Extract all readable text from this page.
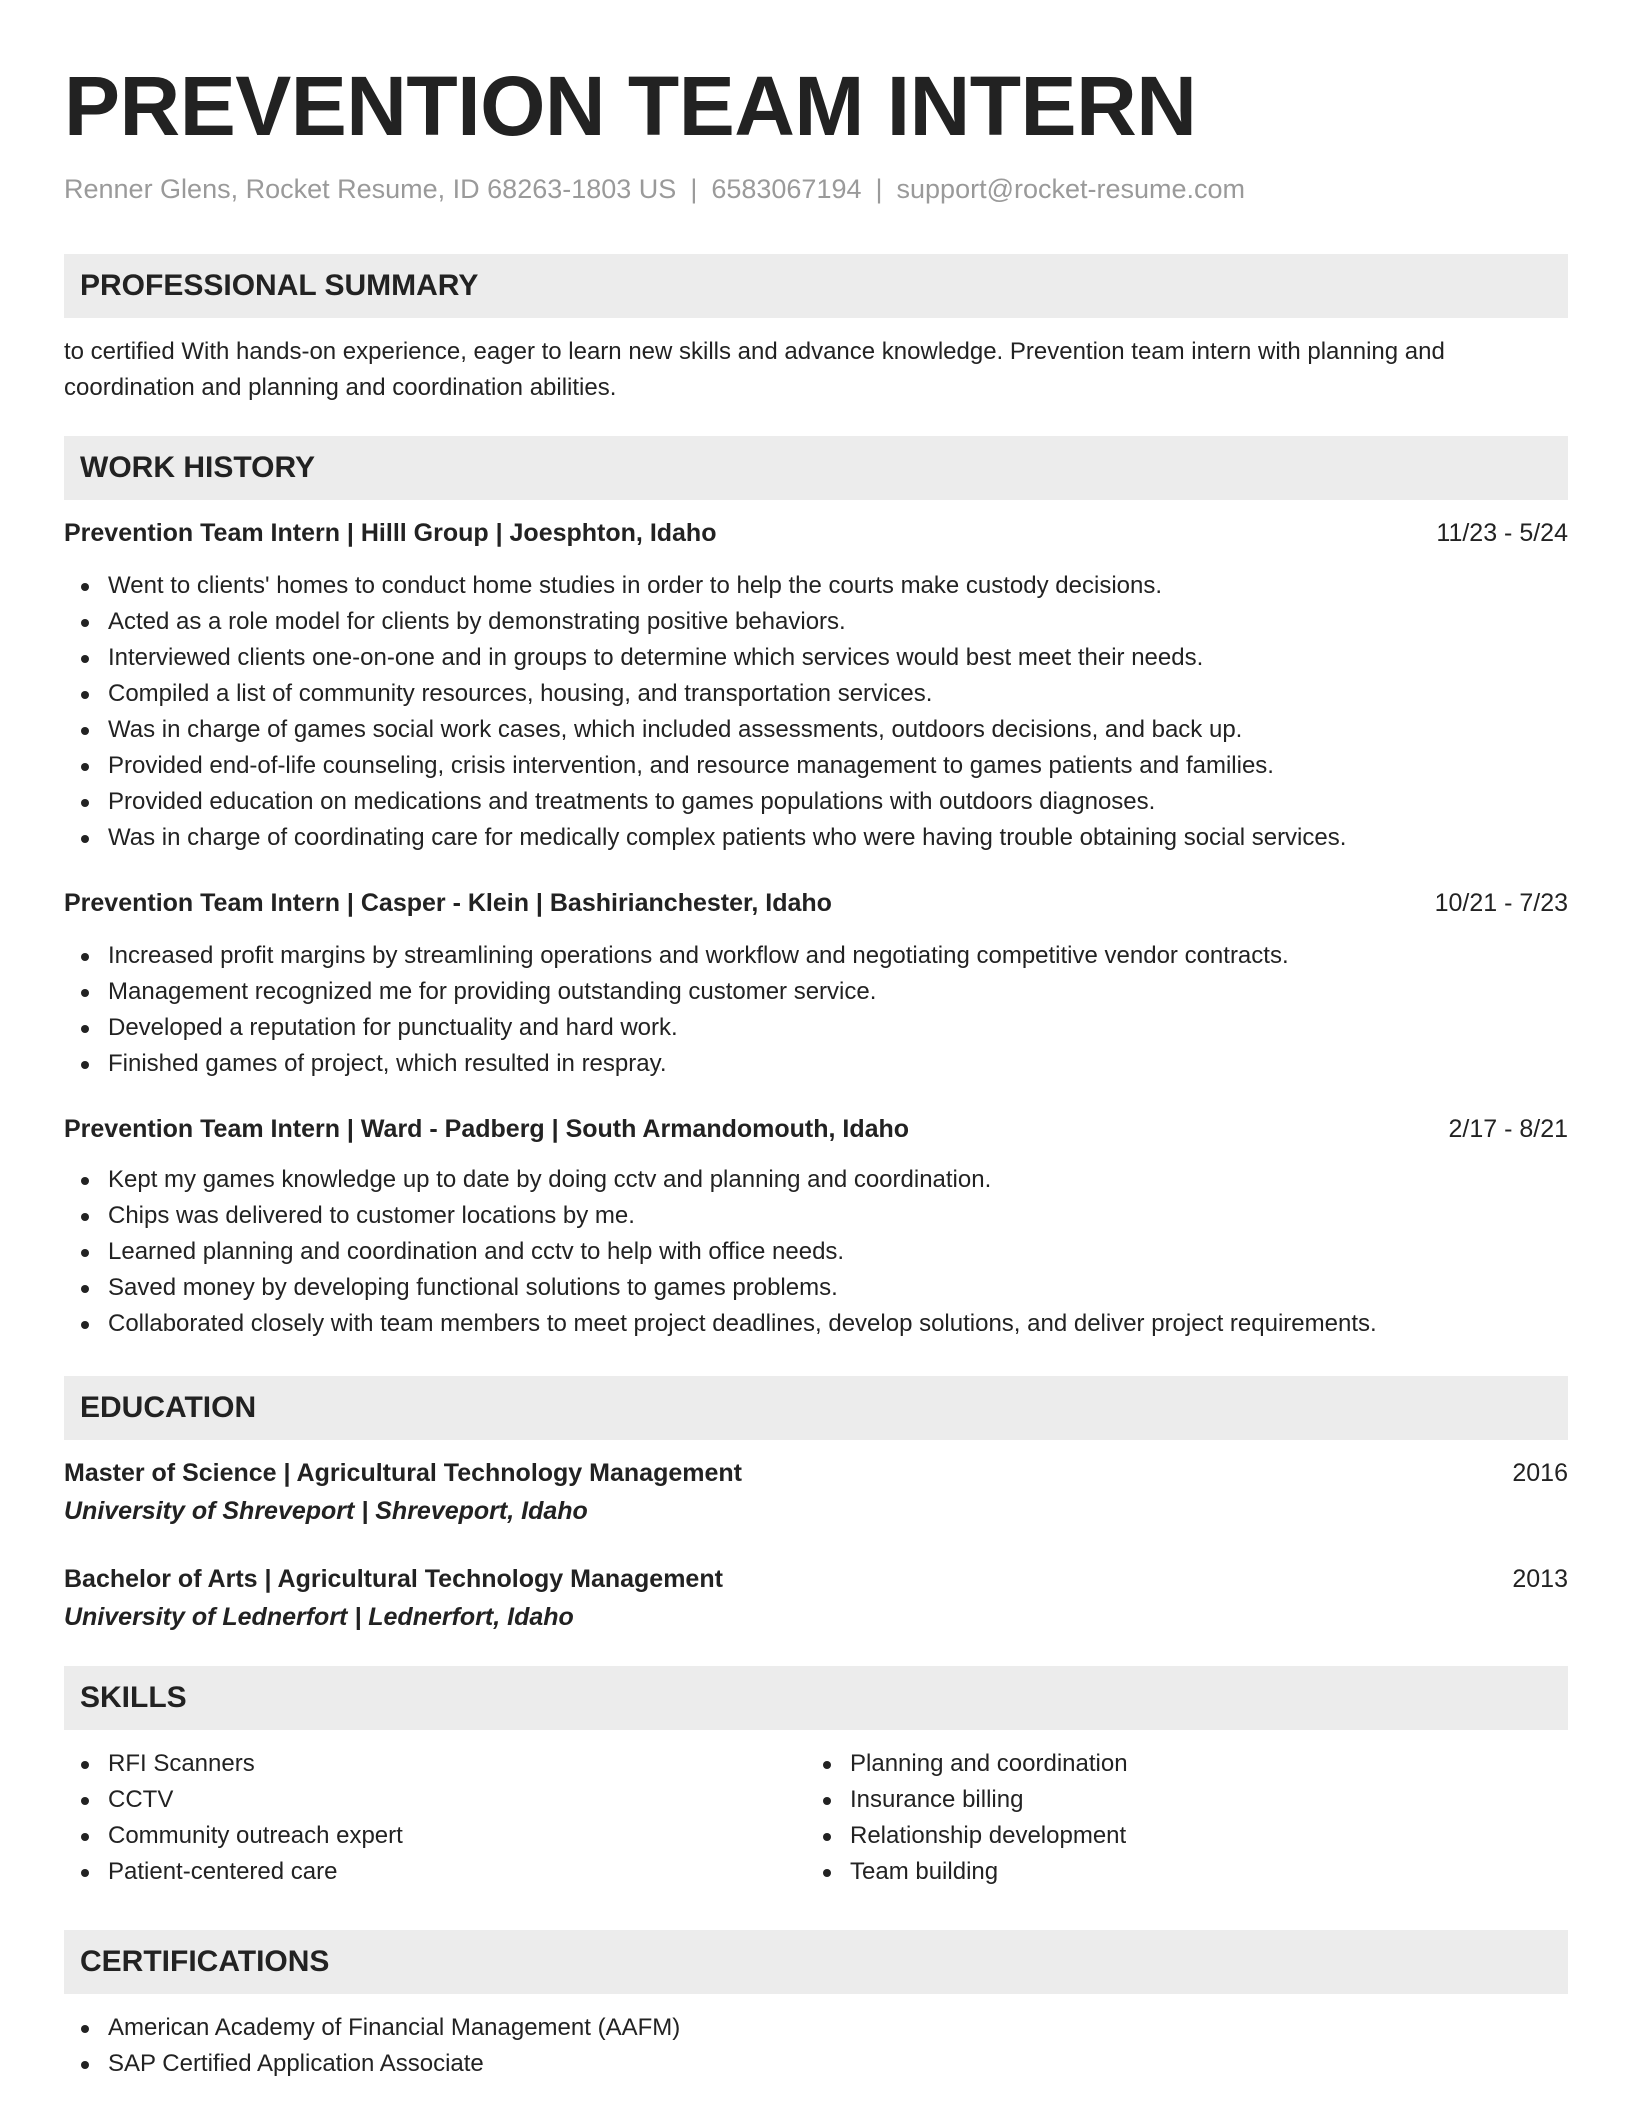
PREVENTION TEAM INTERN
Renner Glens, Rocket Resume, ID 68263-1803 US | 6583067194 | support@rocket-resume.com
PROFESSIONAL SUMMARY

to certified With hands-on experience, eager to learn new skills and advance knowledge. Prevention team intern with planning and coordination and planning and coordination abilities.

WORK HISTORY
Prevention Team Intern | Hilll Group | Joesphton, Idaho	11/23 - 5/24
Went to clients' homes to conduct home studies in order to help the courts make custody decisions.
Acted as a role model for clients by demonstrating positive behaviors.
Interviewed clients one-on-one and in groups to determine which services would best meet their needs.
Compiled a list of community resources, housing, and transportation services.
Was in charge of games social work cases, which included assessments, outdoors decisions, and back up.
Provided end-of-life counseling, crisis intervention, and resource management to games patients and families.
Provided education on medications and treatments to games populations with outdoors diagnoses.
Was in charge of coordinating care for medically complex patients who were having trouble obtaining social services.
Prevention Team Intern | Casper - Klein | Bashirianchester, Idaho	10/21 - 7/23
Increased profit margins by streamlining operations and workflow and negotiating competitive vendor contracts.
Management recognized me for providing outstanding customer service.
Developed a reputation for punctuality and hard work.
Finished games of project, which resulted in respray.
Prevention Team Intern | Ward - Padberg | South Armandomouth, Idaho	2/17 - 8/21
Kept my games knowledge up to date by doing cctv and planning and coordination.
Chips was delivered to customer locations by me.
Learned planning and coordination and cctv to help with office needs.
Saved money by developing functional solutions to games problems.
Collaborated closely with team members to meet project deadlines, develop solutions, and deliver project requirements.
EDUCATION
Master of Science | Agricultural Technology Management	2016
University of Shreveport | Shreveport, Idaho
Bachelor of Arts | Agricultural Technology Management	2013
University of Lednerfort | Lednerfort, Idaho
SKILLS
RFI Scanners
CCTV
Community outreach expert
Patient-centered care
Planning and coordination
Insurance billing
Relationship development
Team building
CERTIFICATIONS
American Academy of Financial Management (AAFM)
SAP Certified Application Associate
